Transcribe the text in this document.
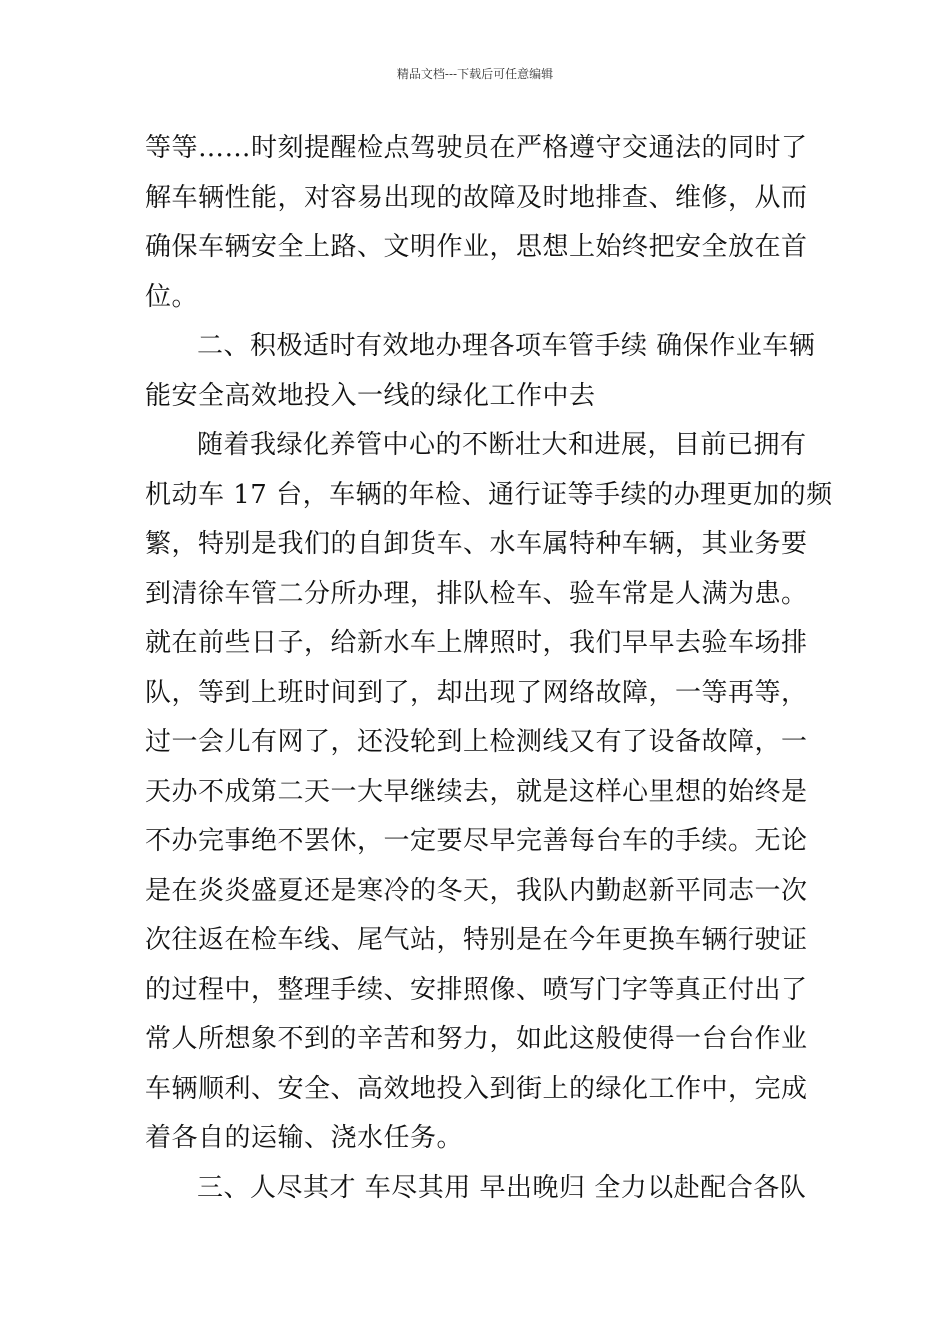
精品文档---下载后可任意编辑
等等……时刻提醒检点驾驶员在严格遵守交通法的同时了
解车辆性能，对容易出现的故障及时地排查、维修，从而
确保车辆安全上路、文明作业，思想上始终把安全放在首
位。
二、积极适时有效地办理各项车管手续 确保作业车辆
能安全高效地投入一线的绿化工作中去
随着我绿化养管中心的不断壮大和进展，目前已拥有
机动车 17 台，车辆的年检、通行证等手续的办理更加的频
繁，特别是我们的自卸货车、水车属特种车辆，其业务要
到清徐车管二分所办理，排队检车、验车常是人满为患。
就在前些日子，给新水车上牌照时，我们早早去验车场排
队，等到上班时间到了，却出现了网络故障，一等再等，
过一会儿有网了，还没轮到上检测线又有了设备故障，一
天办不成第二天一大早继续去，就是这样心里想的始终是
不办完事绝不罢休，一定要尽早完善每台车的手续。无论
是在炎炎盛夏还是寒冷的冬天，我队内勤赵新平同志一次
次往返在检车线、尾气站，特别是在今年更换车辆行驶证
的过程中，整理手续、安排照像、喷写门字等真正付出了
常人所想象不到的辛苦和努力，如此这般使得一台台作业
车辆顺利、安全、高效地投入到街上的绿化工作中，完成
着各自的运输、浇水任务。
三、人尽其才 车尽其用 早出晚归 全力以赴配合各队
